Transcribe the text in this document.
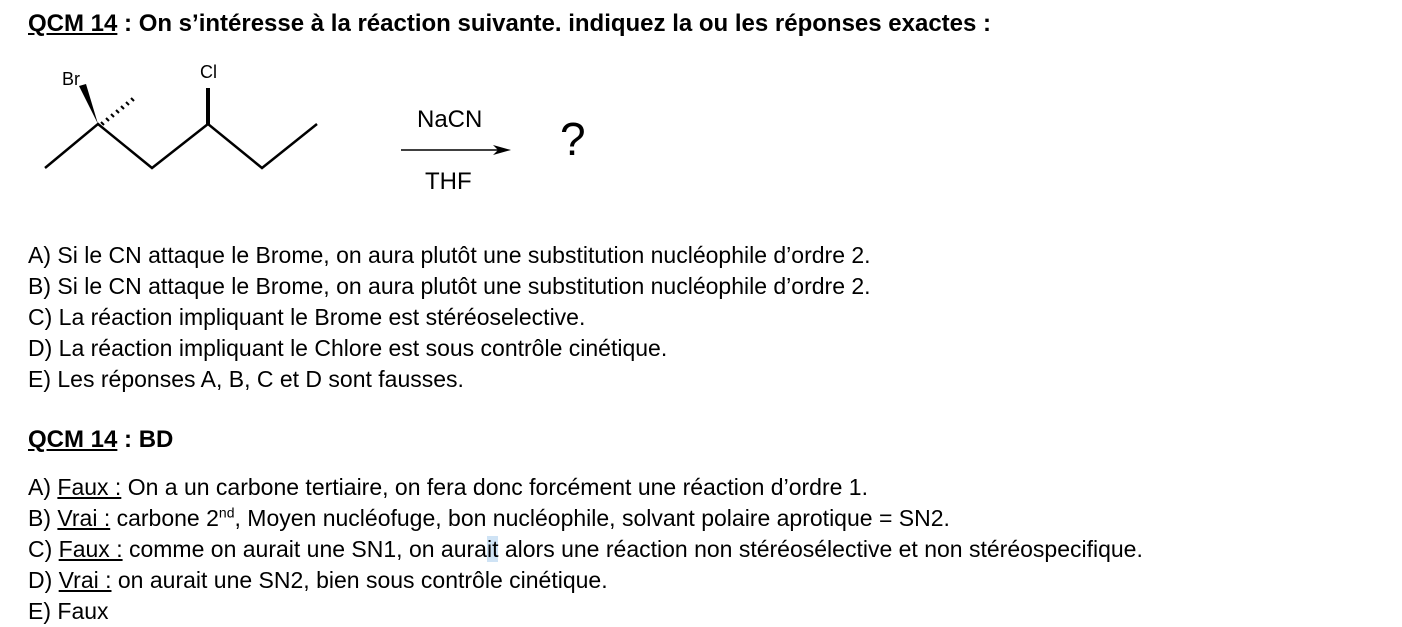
QCM 14 : On s’intéresse à la réaction suivante. indiquez la ou les réponses exactes :
Br	Cl
NaCN
THF
?
A) Si le CN attaque le Brome, on aura plutôt une substitution nucléophile d’ordre 2.
B) Si le CN attaque le Brome, on aura plutôt une substitution nucléophile d’ordre 2.
C) La réaction impliquant le Brome est stéréoselective.
D) La réaction impliquant le Chlore est sous contrôle cinétique.
E) Les réponses A, B, C et D sont fausses.
QCM 14 : BD
A) Faux : On a un carbone tertiaire, on fera donc forcément une réaction d’ordre 1.
B) Vrai : carbone 2nd, Moyen nucléofuge, bon nucléophile, solvant polaire aprotique = SN2.
C) Faux : comme on aurait une SN1, on aurait alors une réaction non stéréosélective et non stéréospecifique.
D) Vrai : on aurait une SN2, bien sous contrôle cinétique.
E) Faux
